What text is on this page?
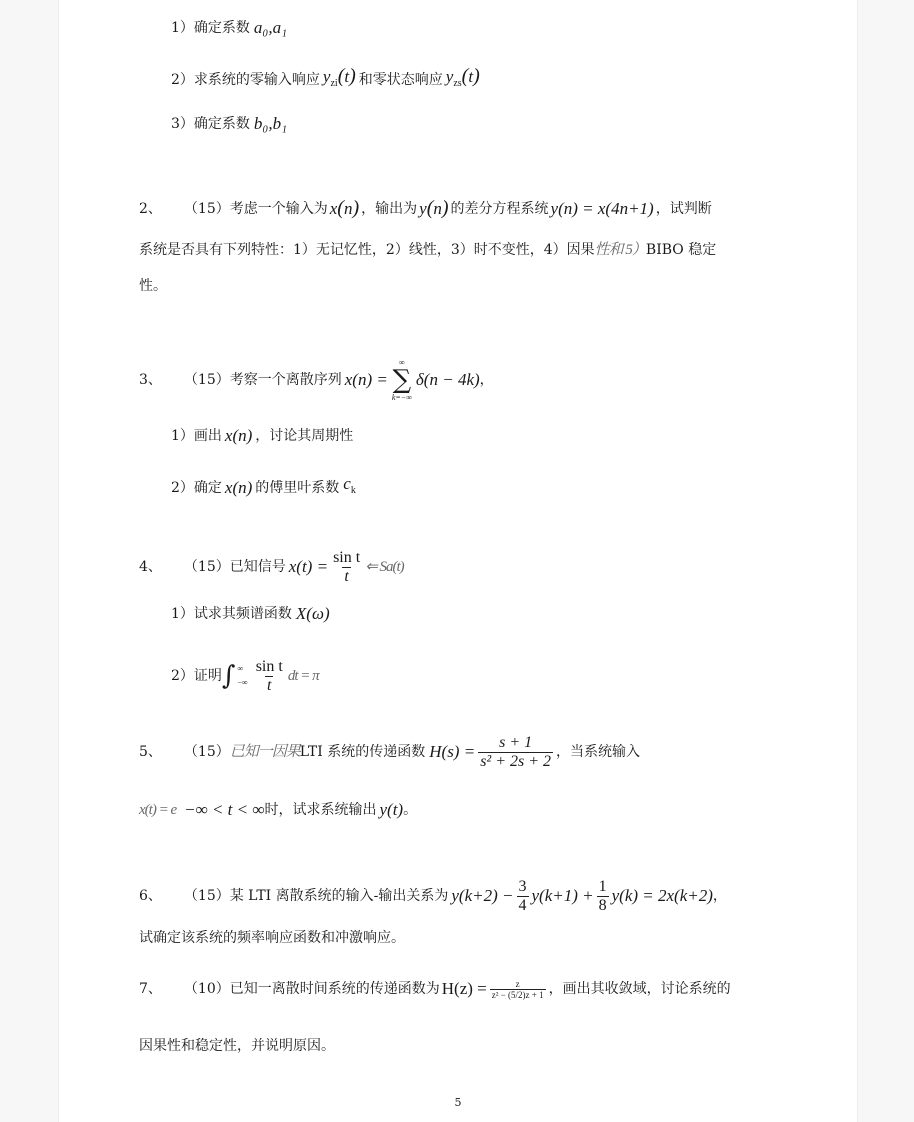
1）确定系数 a₀,a₁
2）求系统的零输入响应 $y_{zi}(t)$ 和零状态响应 $y_{zs}(t)$
3）确定系数 b₀,b₁
2、 （15）考虑一个输入为 x(n) ，输出为 y(n) 的差分方程系统 y(n) = x(4n+1) ，试判断
系统是否具有下列特性：1）无记忆性，2）线性，3）时不变性，4）因果 性和 5） BIBO 稳定
性。
3、 （15）考察一个离散序列 x(n) =
∞
∑
k=−∞
δ(n − 4k) ，
1）画出 x(n) ，讨论其周期性
2）确定 x(n) 的傅里叶系数 $c_k$
4、 （15）已知信号 $x(t) = \frac{\text{sin t}}{t}$ ⇐ Sa(t)
1）试求其频谱函数 X(ω)
2）证明 ∫ ∞
−∞ $\frac{\text{sin t}}{t}$ dt = π
5、 （15） 已知一因果 LTI 系统的传递函数 $H(s) = \frac{s + 1}{\text{s² + 2s + 2}}$ ，当系统输入
x(t) = e −∞ < t < ∞ 时，试求系统输出 y(t) 。
6、 （15）某 LTI 离散系统的输入-输出关系为 $y(k+2) - \frac{3}{4} y(k+1) + \frac{1}{8} y(k) = 2x(k+2)$ ，
试确定该系统的频率响应函数和冲激响应。
7、 （10）已知一离散时间系统的传递函数为 $H(z) = \frac{z}{\text{z² − (5/2)z + 1}}$ ，画出其收敛域，讨论系统的
因果性和稳定性，并说明原因。
5
